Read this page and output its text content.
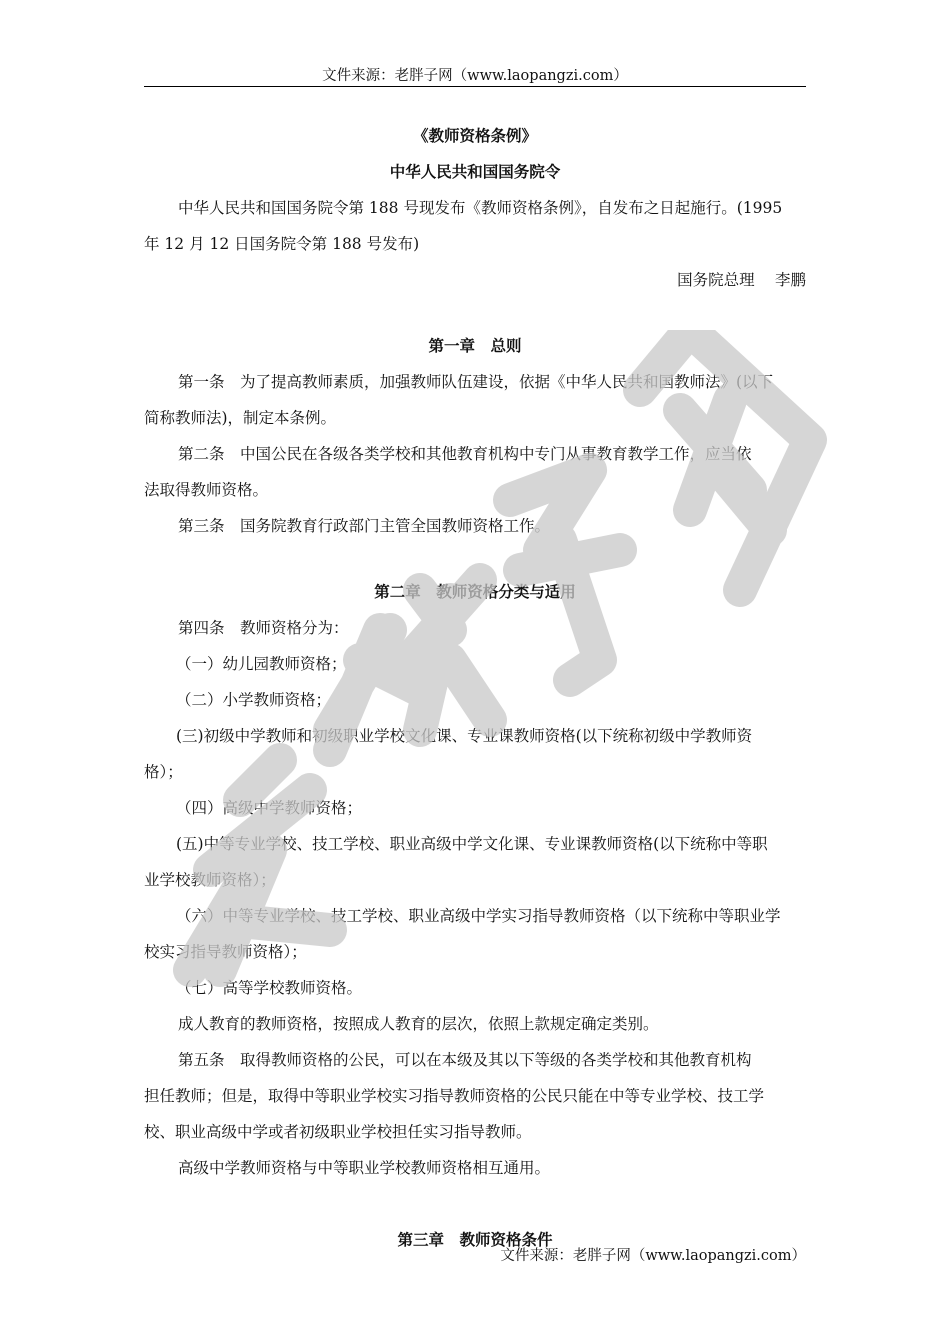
文件来源：老胖子网（www.laopangzi.com）

《教师资格条例》

中华人民共和国国务院令

中华人民共和国国务院令第 188 号现发布《教师资格条例》，自发布之日起施行。(1995

年 12 月 12 日国务院令第 188 号发布)

国务院总理　 李鹏

第一章　总则

第一条　为了提高教师素质，加强教师队伍建设，依据《中华人民共和国教师法》(以下

简称教师法)，制定本条例。

第二条　中国公民在各级各类学校和其他教育机构中专门从事教育教学工作，应当依

法取得教师资格。

第三条　国务院教育行政部门主管全国教师资格工作。

第二章　教师资格分类与适用

第四条　教师资格分为：

（一）幼儿园教师资格；

（二）小学教师资格；

(三)初级中学教师和初级职业学校文化课、专业课教师资格(以下统称初级中学教师资

格）；

（四）高级中学教师资格；

(五)中等专业学校、技工学校、职业高级中学文化课、专业课教师资格(以下统称中等职

业学校教师资格）；

（六）中等专业学校、技工学校、职业高级中学实习指导教师资格（以下统称中等职业学

校实习指导教师资格）；

（七）高等学校教师资格。

成人教育的教师资格，按照成人教育的层次，依照上款规定确定类别。

第五条　取得教师资格的公民，可以在本级及其以下等级的各类学校和其他教育机构

担任教师；但是，取得中等职业学校实习指导教师资格的公民只能在中等专业学校、技工学

校、职业高级中学或者初级职业学校担任实习指导教师。

高级中学教师资格与中等职业学校教师资格相互通用。

第三章　教师资格条件

文件来源：老胖子网（www.laopangzi.com）
